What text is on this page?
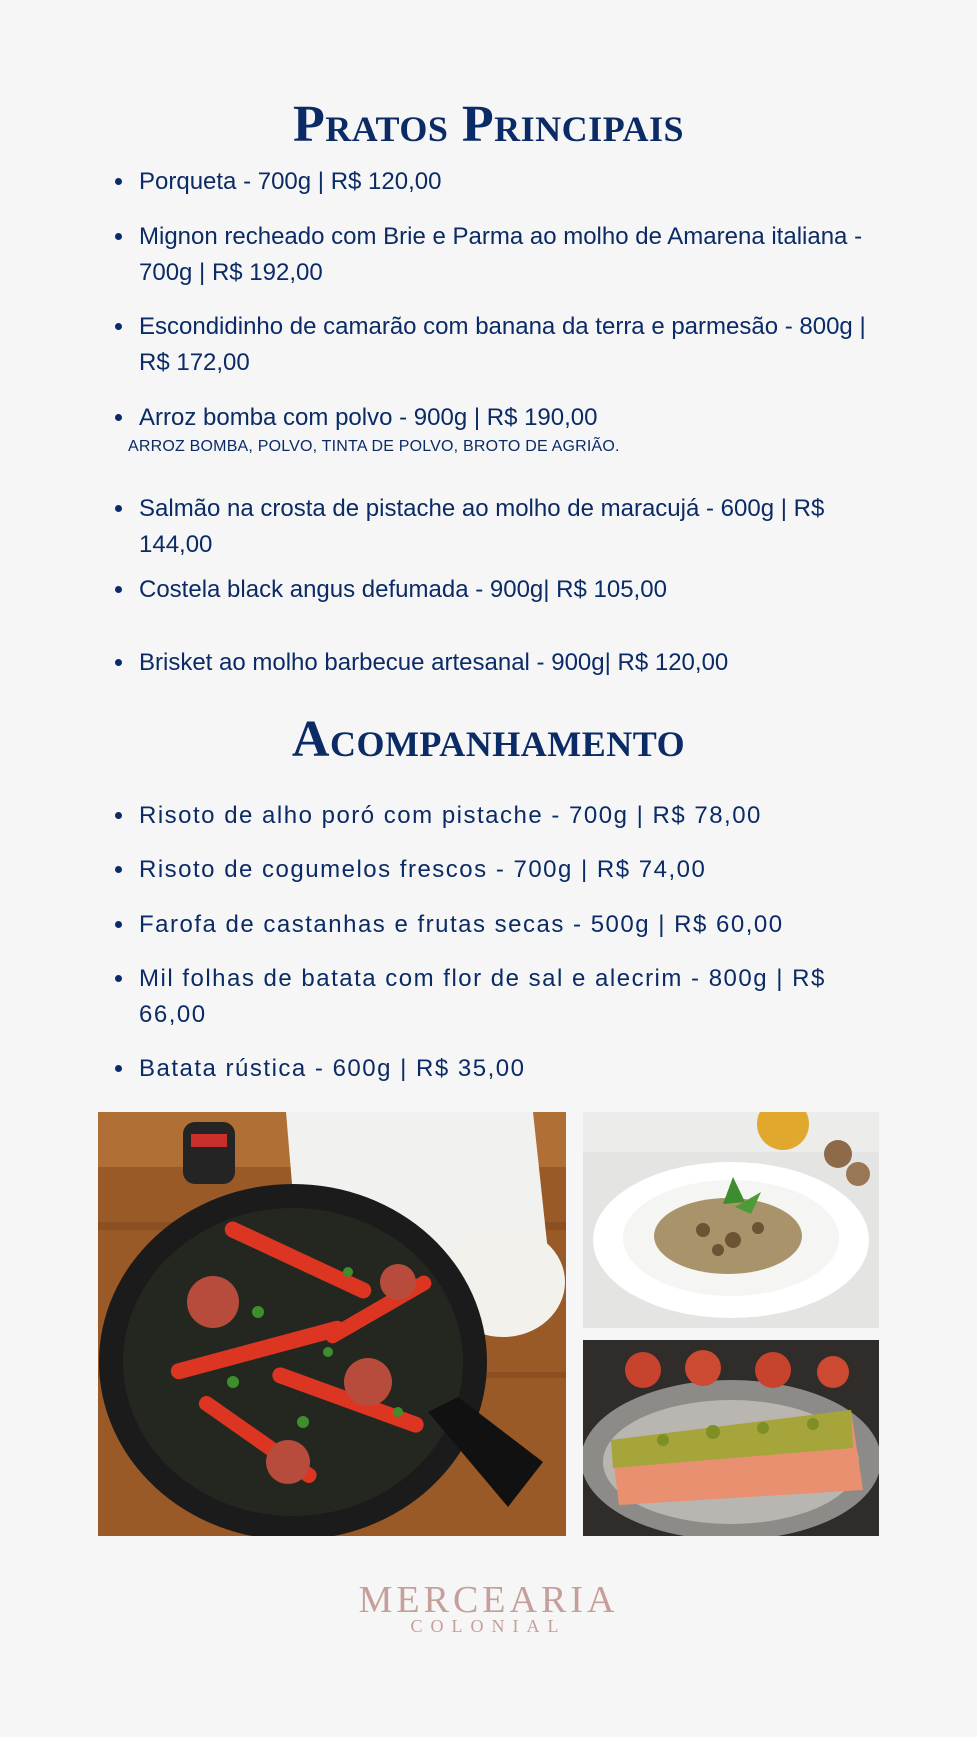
Pratos Principais
Porqueta - 700g | R$ 120,00
Mignon recheado com Brie e Parma ao molho de Amarena italiana - 700g | R$ 192,00
Escondidinho de camarão com banana da terra e parmesão - 800g | R$ 172,00
Arroz bomba com polvo - 900g | R$ 190,00
Salmão na crosta de pistache ao molho de maracujá - 600g | R$ 144,00
Costela black angus defumada - 900g| R$ 105,00
Brisket ao molho barbecue artesanal - 900g| R$ 120,00
ARROZ BOMBA, POLVO, TINTA DE POLVO, BROTO DE AGRIÃO.
Acompanhamento
Risoto de alho poró com pistache - 700g | R$ 78,00
Risoto de cogumelos frescos - 700g | R$ 74,00
Farofa de castanhas e frutas secas - 500g | R$ 60,00
Mil folhas de batata com flor de sal e alecrim - 800g | R$ 66,00
Batata rústica - 600g | R$ 35,00
MERCEARIA
COLONIAL
